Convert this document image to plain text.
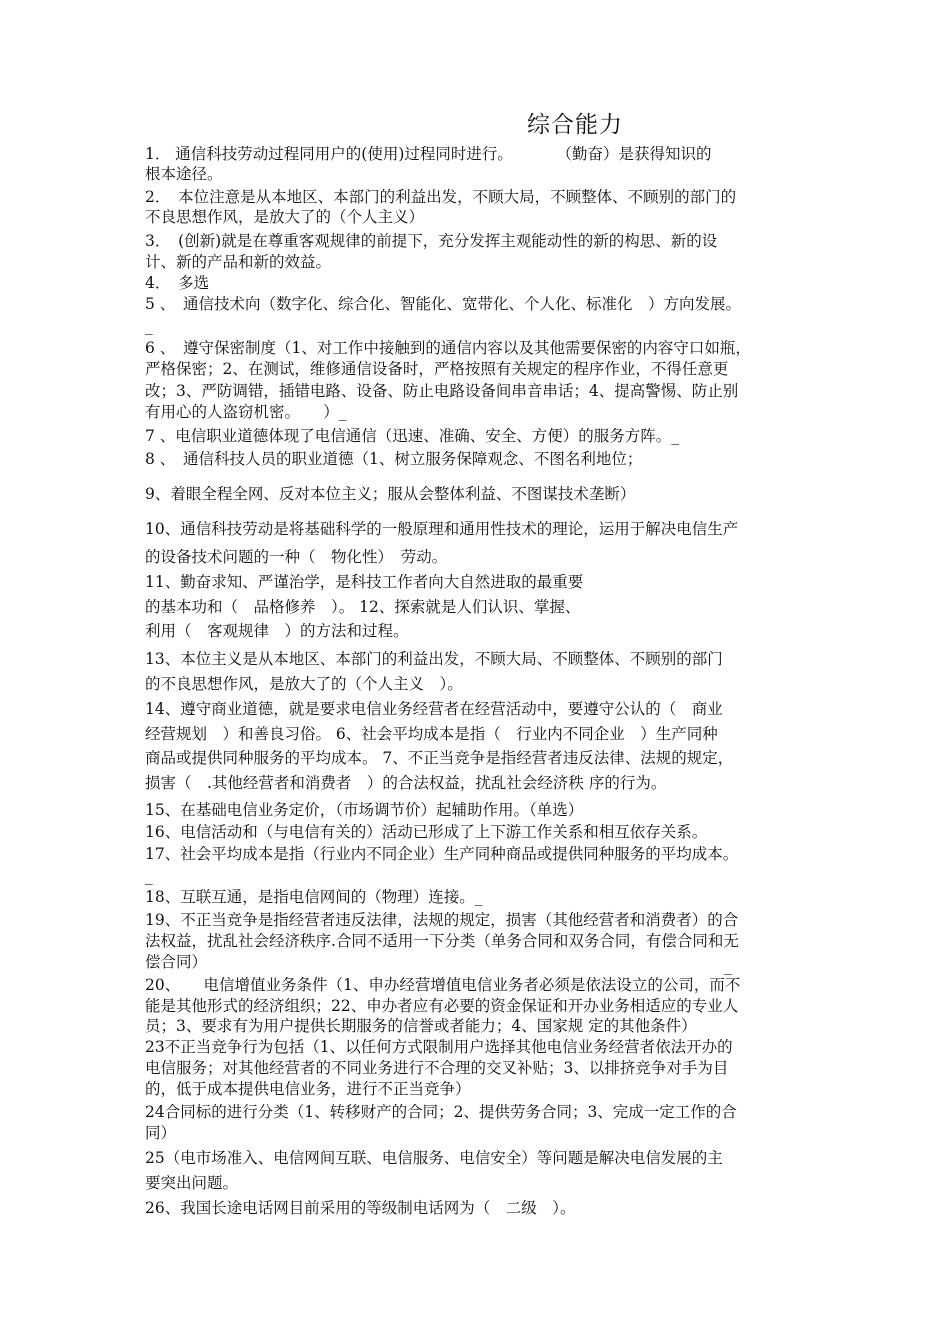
综合能力
1． 通信科技劳动过程同用户的(使用)过程同时进行。　　　 （勤奋）是获得知识的
根本途径。
2．　本位注意是从本地区、本部门的利益出发，不顾大局，不顾整体、不顾别的部门的
不良思想作风，是放大了的（个人主义）
3．　(创新)就是在尊重客观规律的前提下，充分发挥主观能动性的新的构思、新的设
计、新的产品和新的效益。
4．　多选
5 、　通信技术向（数字化、综合化、智能化、宽带化、个人化、标准化　）方向发展。
_
6 、　遵守保密制度（1、对工作中接触到的通信内容以及其他需要保密的内容守口如瓶，
严格保密；2、在测试，维修通信设备时，严格按照有关规定的程序作业，不得任意更
改；3、严防调错，插错电路、设备、防止电路设备间串音串话；4、提高警惕、防止别
有用心的人盗窃机密。　　）_
7 、电信职业道德体现了电信通信（迅速、准确、安全、方便）的服务方阵。_
8 、　通信科技人员的职业道德（1、树立服务保障观念、不图名利地位；
9、着眼全程全网、反对本位主义；服从会整体利益、不图谋技术垄断）
10、通信科技劳动是将基础科学的一般原理和通用性技术的理论，运用于解决电信生产
的设备技术问题的一种（　物化性）　劳动。
11、勤奋求知、严谨治学，是科技工作者向大自然进取的最重要
的基本功和（　品格修养　）。 12、探索就是人们认识、掌握、
利用（　客观规律　）的方法和过程。
13、本位主义是从本地区、本部门的利益出发，不顾大局、不顾整体、不顾别的部门
的不良思想作风，是放大了的（个人主义　）。
14、遵守商业道德，就是要求电信业务经营者在经营活动中，要遵守公认的（　商业
经营规划　）和善良习俗。 6、社会平均成本是指（　行业内不同企业　）生产同种
商品或提供同种服务的平均成本。 7、不正当竞争是指经营者违反法律、法规的规定，
损害（　.其他经营者和消费者　）的合法权益，扰乱社会经济秩 序的行为。
15、在基础电信业务定价，（市场调节价）起辅助作用。（单选）
16、电信活动和（与电信有关的）活动已形成了上下游工作关系和相互依存关系。
17、社会平均成本是指（行业内不同企业）生产同种商品或提供同种服务的平均成本。
_
18、互联互通，是指电信网间的（物理）连接。_
19、不正当竞争是指经营者违反法律，法规的规定，损害（其他经营者和消费者）的合
法权益，扰乱社会经济秩序.合同不适用一下分类（单务合同和双务合同，有偿合同和无
偿合同）	_
20、　　电信增值业务条件（1、申办经营增值电信业务者必须是依法设立的公司，而不
能是其他形式的经济组织；22、申办者应有必要的资金保证和开办业务相适应的专业人
员；3、要求有为用户提供长期服务的信誉或者能力；4、国家规 定的其他条件）
23不正当竞争行为包括（1、以任何方式限制用户选择其他电信业务经营者依法开办的
电信服务；对其他经营者的不同业务进行不合理的交叉补贴；3、以排挤竞争对手为目
的，低于成本提供电信业务，进行不正当竞争）
24合同标的进行分类（1、转移财产的合同；2、提供劳务合同；3、完成一定工作的合
同）
25（电市场准入、电信网间互联、电信服务、电信安全）等问题是解决电信发展的主
要突出问题。
26、我国长途电话网目前采用的等级制电话网为（　二级　）。
